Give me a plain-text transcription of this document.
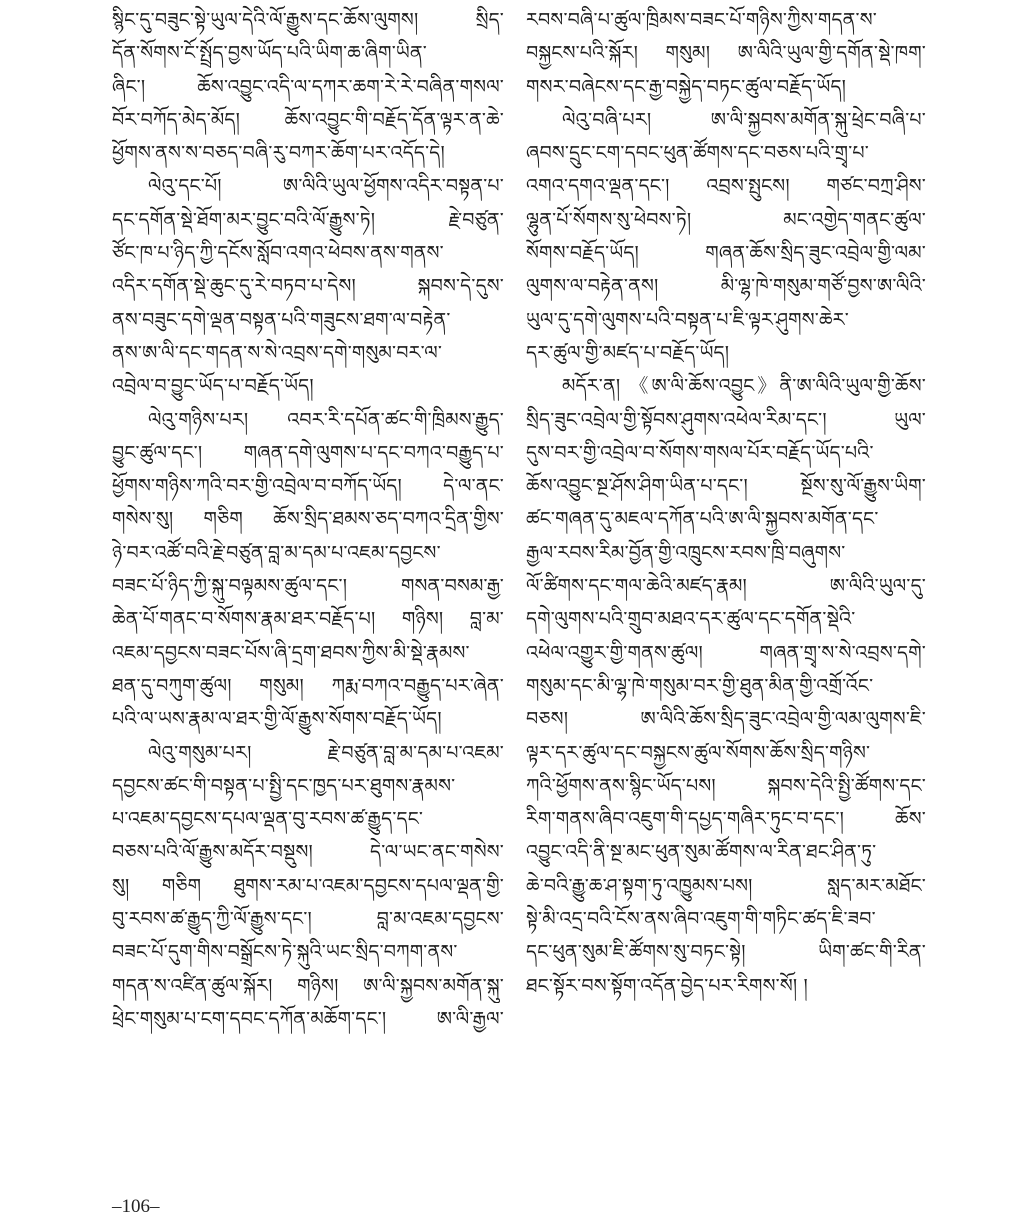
སྙིང་དུ་བཟུང་སྟེ་ཡུལ་དེའི་ལོ་རྒྱུས་དང་ཆོས་ལུགས། སྲིད་
དོན་སོགས་ངོ་སྤྲོད་བྱས་ཡོད་པའི་ཡིག་ཆ་ཞིག་ཡིན་
ཞིང་། ཆོས་འབྱུང་འདི་ལ་དཀར་ཆག་རེ་རེ་བཞིན་གསལ་
བོར་བཀོད་མེད་མོད། ཆོས་འབྱུང་གི་བརྗོད་དོན་ལྟར་ན་ཆེ་
ཕྱོགས་ནས་ས་བཅད་བཞི་རུ་བཀར་ཆོག་པར་འདོད་དེ།
ལེའུ་དང་པོ། ཨ་ལིའི་ཡུལ་ཕྱོགས་འདིར་བསྟན་པ་
དང་དགོན་སྡེ་ཐོག་མར་བྱུང་བའི་ལོ་རྒྱུས་ཏེ། རྗེ་བཙུན་
ཙོང་ཁ་པ་ཉིད་ཀྱི་དངོས་སློབ་འགའ་ཕེབས་ནས་གནས་
འདིར་དགོན་སྡེ་ཆུང་དུ་རེ་བཏབ་པ་དེས། སྐབས་དེ་དུས་
ནས་བཟུང་དགེ་ལྡན་བསྟན་པའི་གཟུངས་ཐག་ལ་བརྟེན་
ནས་ཨ་ལི་དང་གདན་ས་སེ་འབྲས་དགེ་གསུམ་བར་ལ་
འབྲེལ་བ་བྱུང་ཡོད་པ་བརྗོད་ཡོད།
ལེའུ་གཉིས་པར། འབར་རི་དཔོན་ཚང་གི་ཁྲིམས་རྒྱུད་
བྱུང་ཚུལ་དང་། གཞན་དགེ་ལུགས་པ་དང་བཀའ་བརྒྱུད་པ་
ཕྱོགས་གཉིས་ཀའི་བར་གྱི་འབྲེལ་བ་བཀོད་ཡོད། དེ་ལ་ནང་
གསེས་སུ། གཅིག ཆོས་སྲིད་ཐམས་ཅད་བཀའ་དྲིན་གྱིས་
ཉེ་བར་འཚོ་བའི་རྗེ་བཙུན་བླ་མ་དམ་པ་འཇམ་དབྱངས་
བཟང་པོ་ཉིད་ཀྱི་སྐུ་བལྟམས་ཚུལ་དང་། གསན་བསམ་རྒྱ་
ཆེན་པོ་གནང་བ་སོགས་རྣམ་ཐར་བརྗོད་པ། གཉིས། བླ་མ་
འཇམ་དབྱངས་བཟང་པོས་ཞི་དྲག་ཐབས་ཀྱིས་མི་སྡེ་རྣམས་
ཐན་དུ་བཀུག་ཚུལ། གསུམ། ཀརྨ་བཀའ་བརྒྱུད་པར་ཞེན་
པའི་ལ་ཡས་རྣམ་ལ་ཐར་གྱི་ལོ་རྒྱུས་སོགས་བརྗོད་ཡོད།
ལེའུ་གསུམ་པར། རྗེ་བཙུན་བླ་མ་དམ་པ་འཇམ་
དབྱངས་ཚང་གི་བསྟན་པ་སྤྱི་དང་ཁྱད་པར་ཐུགས་རྣམས་
པ་འཇམ་དབྱངས་དཔལ་ལྡན་བུ་རབས་ཚ་རྒྱུད་དང་
བཅས་པའི་ལོ་རྒྱུས་མདོར་བསྡུས། དེ་ལ་ཡང་ནང་གསེས་
སུ། གཅིག ཐུགས་རམ་པ་འཇམ་དབྱངས་དཔལ་ལྡན་གྱི་
བུ་རབས་ཚ་རྒྱུད་ཀྱི་ལོ་རྒྱུས་དང་། བླ་མ་འཇམ་དབྱངས་
བཟང་པོ་དུག་གིས་བསྒྲོངས་ཏེ་སྐུའི་ཡང་སྲིད་བཀག་ནས་
གདན་ས་འཛིན་ཚུལ་སྐོར། གཉིས། ཨ་ལི་སྐྱབས་མགོན་སྐུ་
ཕྲེང་གསུམ་པ་ངག་དབང་དཀོན་མཆོག་དང་། ཨ་ལི་རྒྱལ་
རབས་བཞི་པ་ཚུལ་ཁྲིམས་བཟང་པོ་གཉིས་ཀྱིས་གདན་ས་
བསྐྱངས་པའི་སྐོར། གསུམ། ཨ་ལིའི་ཡུལ་གྱི་དགོན་སྡེ་ཁག་
གསར་བཞེངས་དང་རྒྱ་བསྐྱེད་བཏང་ཚུལ་བརྗོད་ཡོད།
ལེའུ་བཞི་པར། ཨ་ལི་སྐྱབས་མགོན་སྐུ་ཕྲེང་བཞི་པ་
ཞབས་དྲུང་ངག་དབང་ཕུན་ཚོགས་དང་བཅས་པའི་གྲྭ་པ་
འགའ་དགའ་ལྡན་དང་། འབྲས་སྤུངས། གཙང་བཀྲ་ཤིས་
ལྷུན་པོ་སོགས་སུ་ཕེབས་ཏེ། མང་འགྱེད་གནང་ཚུལ་
སོགས་བརྗོད་ཡོད། གཞན་ཆོས་སྲིད་ཟུང་འབྲེལ་གྱི་ལམ་
ལུགས་ལ་བརྟེན་ནས། མི་ལྷ་ཁེ་གསུམ་གཙོ་བྱས་ཨ་ལིའི་
ཡུལ་དུ་དགེ་ལུགས་པའི་བསྟན་པ་ཇི་ལྟར་ཤུགས་ཆེར་
དར་ཚུལ་གྱི་མཛད་པ་བརྗོད་ཡོད།
མདོར་ན། 《ཨ་ལི་ཆོས་འབྱུང》ནི་ཨ་ལིའི་ཡུལ་གྱི་ཆོས་
སྲིད་ཟུང་འབྲེལ་གྱི་སྟོབས་ཤུགས་འཕེལ་རིམ་དང་། ཡུལ་
དུས་བར་གྱི་འབྲེལ་བ་སོགས་གསལ་པོར་བརྗོད་ཡོད་པའི་
ཆོས་འབྱུང་སྔ་ཤོས་ཤིག་ཡིན་པ་དང་། སྔོས་སུ་ལོ་རྒྱུས་ཡིག་
ཚང་གཞན་དུ་མཇལ་དཀོན་པའི་ཨ་ལི་སྐྱབས་མགོན་དང་
རྒྱལ་རབས་རིམ་བྱོན་གྱི་འཁྲུངས་རབས་ཁྲི་བཞུགས་
ལོ་ཚིགས་དང་གལ་ཆེའི་མཛད་རྣམ། ཨ་ལིའི་ཡུལ་དུ་
དགེ་ལུགས་པའི་གྲུབ་མཐའ་དར་ཚུལ་དང་དགོན་སྡེའི་
འཕེལ་འགྱུར་གྱི་གནས་ཚུལ། གཞན་གྲྭ་ས་སེ་འབྲས་དགེ་
གསུམ་དང་མི་ལྷ་ཁེ་གསུམ་བར་གྱི་ཐུན་མིན་གྱི་འགྲོ་འོང་
བཅས། ཨ་ལིའི་ཆོས་སྲིད་ཟུང་འབྲེལ་གྱི་ལམ་ལུགས་ཇི་
ལྟར་དར་ཚུལ་དང་བསྐྱངས་ཚུལ་སོགས་ཆོས་སྲིད་གཉིས་
ཀའི་ཕྱོགས་ནས་སྙིང་ཡོད་པས། སྐབས་དེའི་སྤྱི་ཚོགས་དང་
རིག་གནས་ཞིབ་འཇུག་གི་དཔྱད་གཞིར་ཏུང་བ་དང་། ཆོས་
འབྱུང་འདི་ནི་སྔ་མང་ཕུན་སུམ་ཚོགས་ལ་རིན་ཐང་ཤིན་ཏུ་
ཆེ་བའི་རྒྱུ་ཆ་ཤ་སྟག་ཏུ་འཁྱུམས་པས། སླད་མར་མཐོང་
སྟེ་མི་འདྲ་བའི་ངོས་ནས་ཞིབ་འཇུག་གི་གཏིང་ཚད་ཇི་ཟབ་
དང་ཕུན་སུམ་ཇི་ཚོགས་སུ་བཏང་སྟེ། ཡིག་ཚང་གི་རིན་
ཐང་སྟོར་བས་སྟོག་འདོན་བྱེད་པར་རིགས་སོ། །
–106–
